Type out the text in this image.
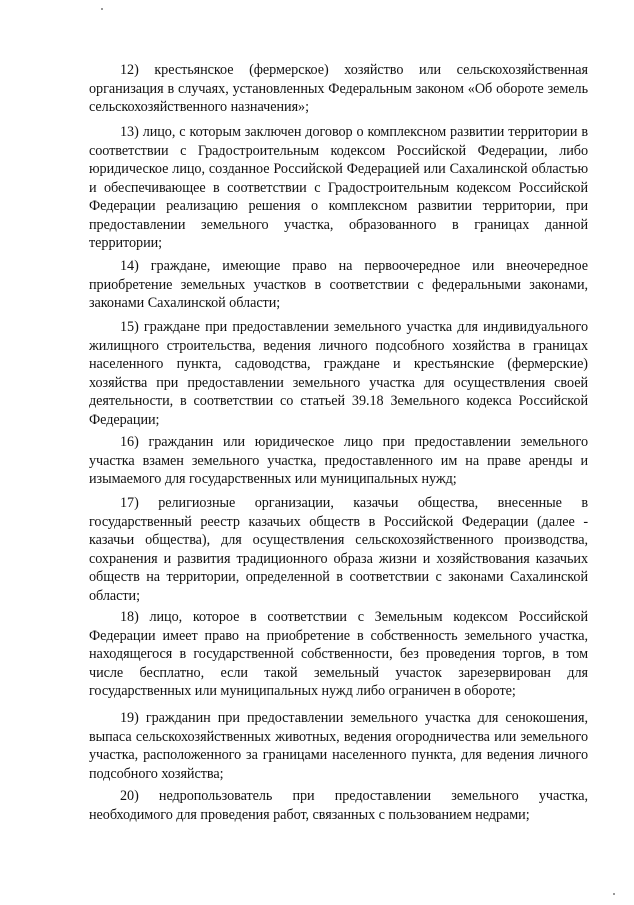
12) крестьянское (фермерское) хозяйство или сельскохозяйственная организация в случаях, установленных Федеральным законом «Об обороте земель сельскохозяйственного назначения»;

13) лицо, с которым заключен договор о комплексном развитии территории в соответствии с Градостроительным кодексом Российской Федерации, либо юридическое лицо, созданное Российской Федерацией или Сахалинской областью и обеспечивающее в соответствии с Градостроительным кодексом Российской Федерации реализацию решения о комплексном развитии территории, при предоставлении земельного участка, образованного в границах данной территории;

14) граждане, имеющие право на первоочередное или внеочередное приобретение земельных участков в соответствии с федеральными законами, законами Сахалинской области;

15) граждане при предоставлении земельного участка для индивидуального жилищного строительства, ведения личного подсобного хозяйства в границах населенного пункта, садоводства, граждане и крестьянские (фермерские) хозяйства при предоставлении земельного участка для осуществления своей деятельности, в соответствии со статьей 39.18 Земельного кодекса Российской Федерации;

16) гражданин или юридическое лицо при предоставлении земельного участка взамен земельного участка, предоставленного им на праве аренды и изымаемого для государственных или муниципальных нужд;

17) религиозные организации, казачьи общества, внесенные в государственный реестр казачьих обществ в Российской Федерации (далее - казачьи общества), для осуществления сельскохозяйственного производства, сохранения и развития традиционного образа жизни и хозяйствования казачьих обществ на территории, определенной в соответствии с законами Сахалинской области;

18) лицо, которое в соответствии с Земельным кодексом Российской Федерации имеет право на приобретение в собственность земельного участка, находящегося в государственной собственности, без проведения торгов, в том числе бесплатно, если такой земельный участок зарезервирован для государственных или муниципальных нужд либо ограничен в обороте;

19) гражданин при предоставлении земельного участка для сенокошения, выпаса сельскохозяйственных животных, ведения огородничества или земельного участка, расположенного за границами населенного пункта, для ведения личного подсобного хозяйства;

20) недропользователь при предоставлении земельного участка, необходимого для проведения работ, связанных с пользованием недрами;
